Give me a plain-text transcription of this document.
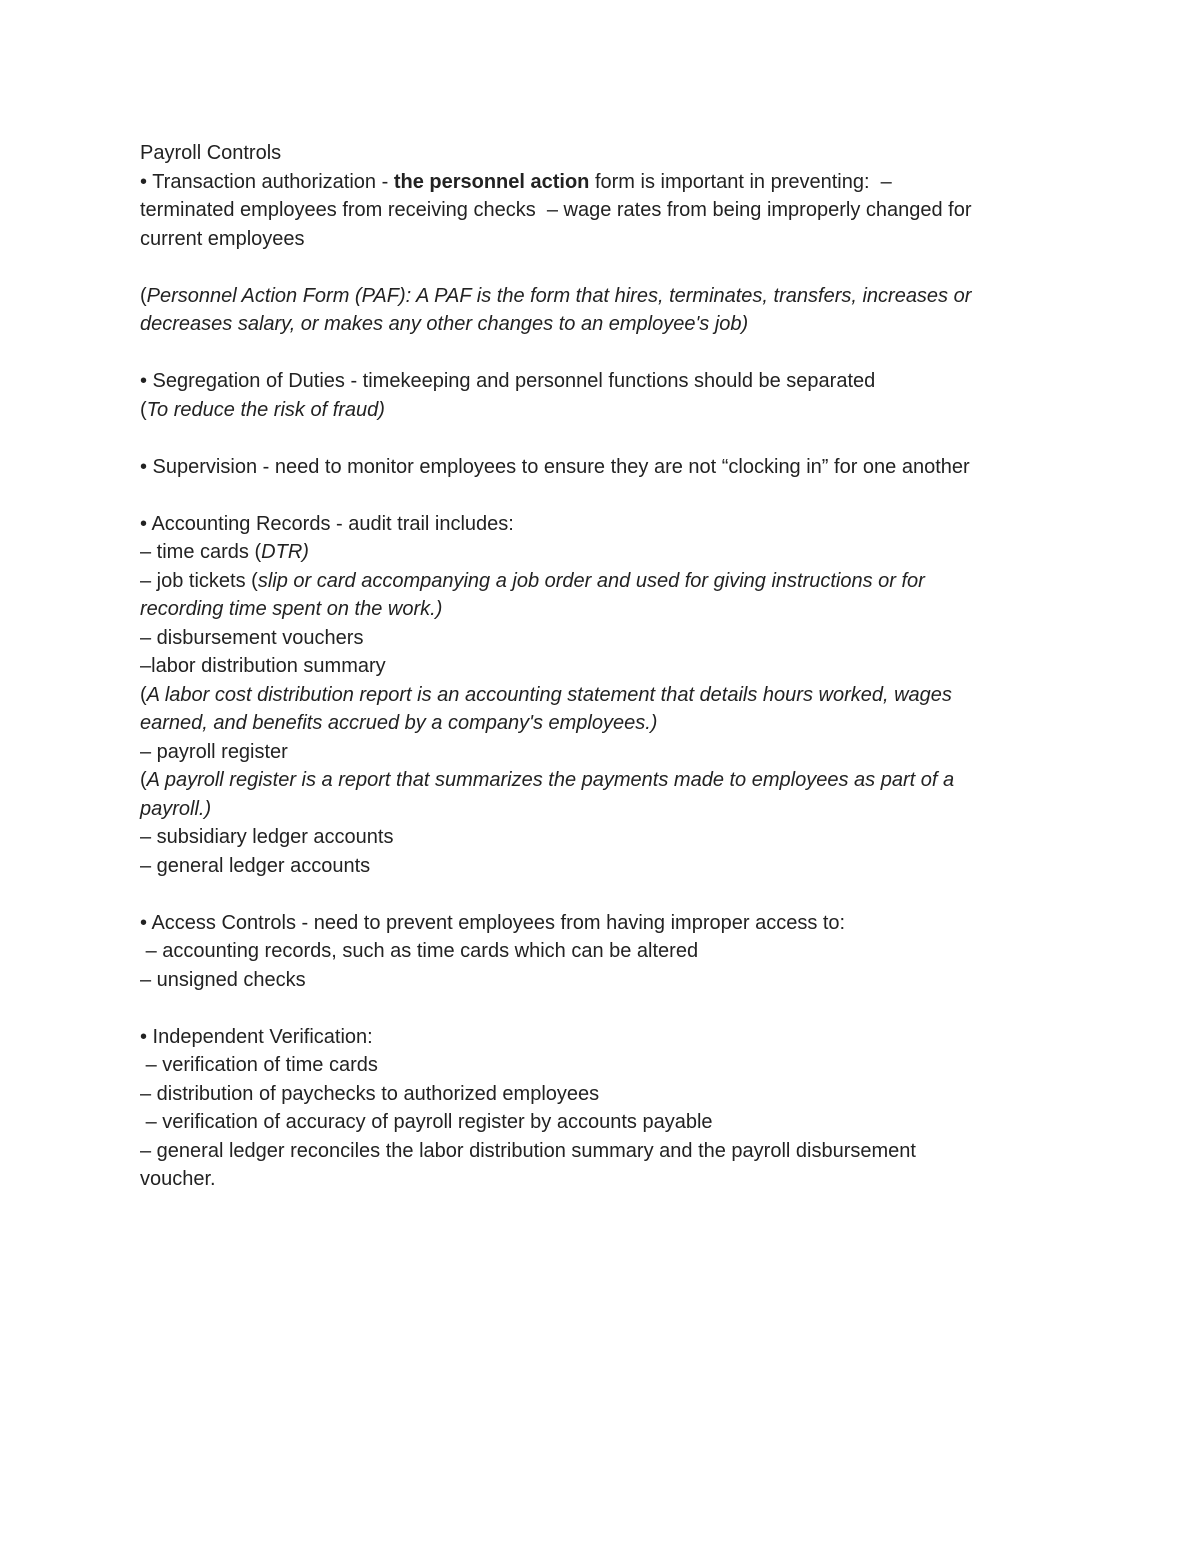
Payroll Controls
• Transaction authorization - the personnel action form is important in preventing:  –
terminated employees from receiving checks  – wage rates from being improperly changed for
current employees
(Personnel Action Form (PAF): A PAF is the form that hires, terminates, transfers, increases or
decreases salary, or makes any other changes to an employee's job)
• Segregation of Duties - timekeeping and personnel functions should be separated
(To reduce the risk of fraud)
• Supervision - need to monitor employees to ensure they are not “clocking in” for one another
• Accounting Records - audit trail includes:
– time cards (DTR)
– job tickets (slip or card accompanying a job order and used for giving instructions or for
recording time spent on the work.)
– disbursement vouchers
–labor distribution summary
(A labor cost distribution report is an accounting statement that details hours worked, wages
earned, and benefits accrued by a company's employees.)
– payroll register
(A payroll register is a report that summarizes the payments made to employees as part of a
payroll.)
– subsidiary ledger accounts
– general ledger accounts
• Access Controls - need to prevent employees from having improper access to:
– accounting records, such as time cards which can be altered
– unsigned checks
• Independent Verification:
– verification of time cards
– distribution of paychecks to authorized employees
– verification of accuracy of payroll register by accounts payable
– general ledger reconciles the labor distribution summary and the payroll disbursement
voucher.
